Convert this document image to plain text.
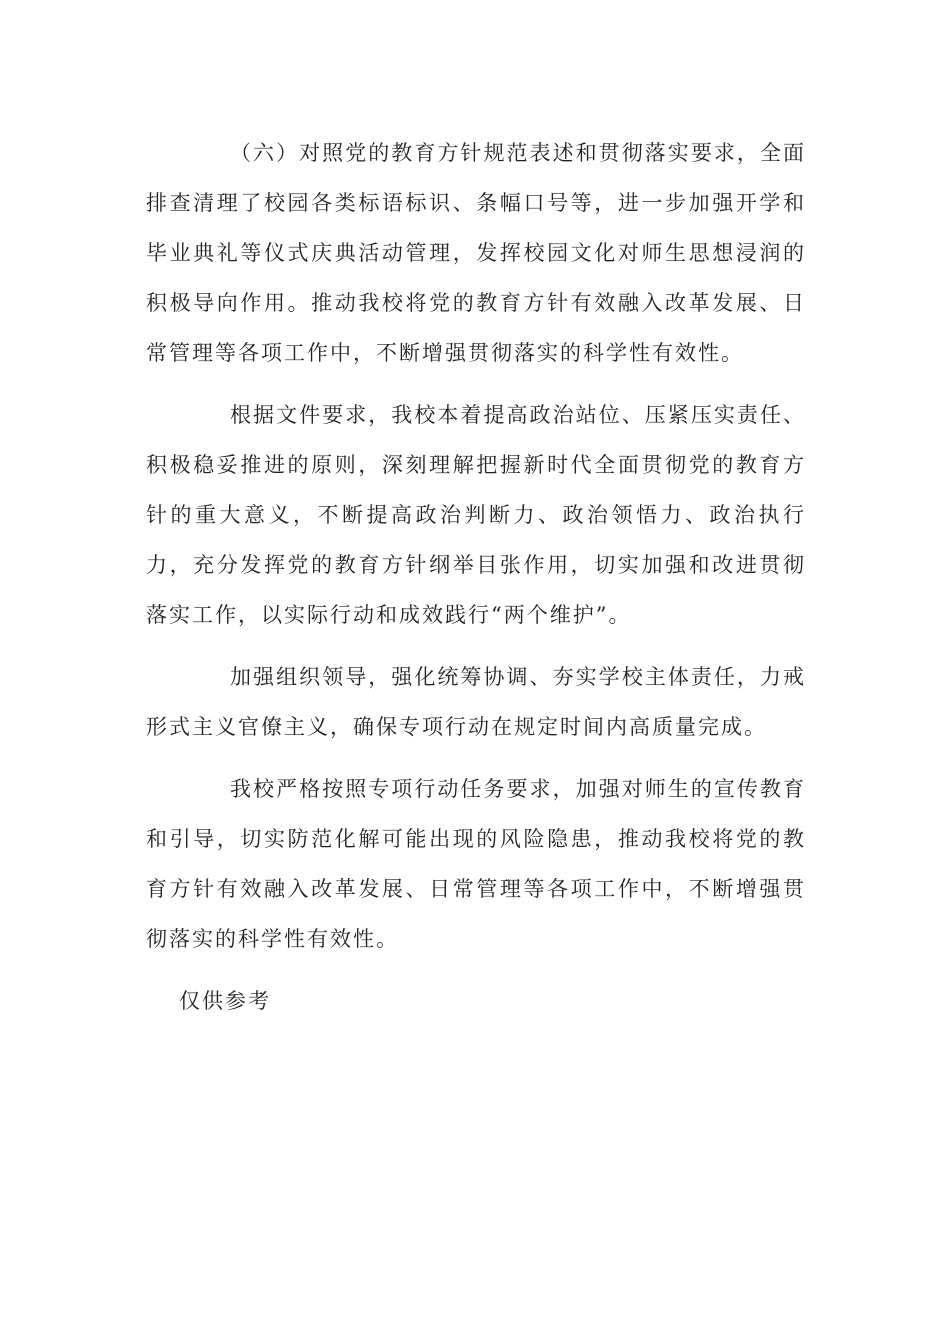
（六）对照党的教育方针规范表述和贯彻落实要求，全面排查清理了校园各类标语标识、条幅口号等，进一步加强开学和毕业典礼等仪式庆典活动管理，发挥校园文化对师生思想浸润的积极导向作用。推动我校将党的教育方针有效融入改革发展、日常管理等各项工作中，不断增强贯彻落实的科学性有效性。

根据文件要求，我校本着提高政治站位、压紧压实责任、积极稳妥推进的原则，深刻理解把握新时代全面贯彻党的教育方针的重大意义，不断提高政治判断力、政治领悟力、政治执行力，充分发挥党的教育方针纲举目张作用，切实加强和改进贯彻落实工作，以实际行动和成效践行“两个维护”。

加强组织领导，强化统筹协调、夯实学校主体责任，力戒形式主义官僚主义，确保专项行动在规定时间内高质量完成。

我校严格按照专项行动任务要求，加强对师生的宣传教育和引导，切实防范化解可能出现的风险隐患，推动我校将党的教育方针有效融入改革发展、日常管理等各项工作中，不断增强贯彻落实的科学性有效性。

仅供参考
